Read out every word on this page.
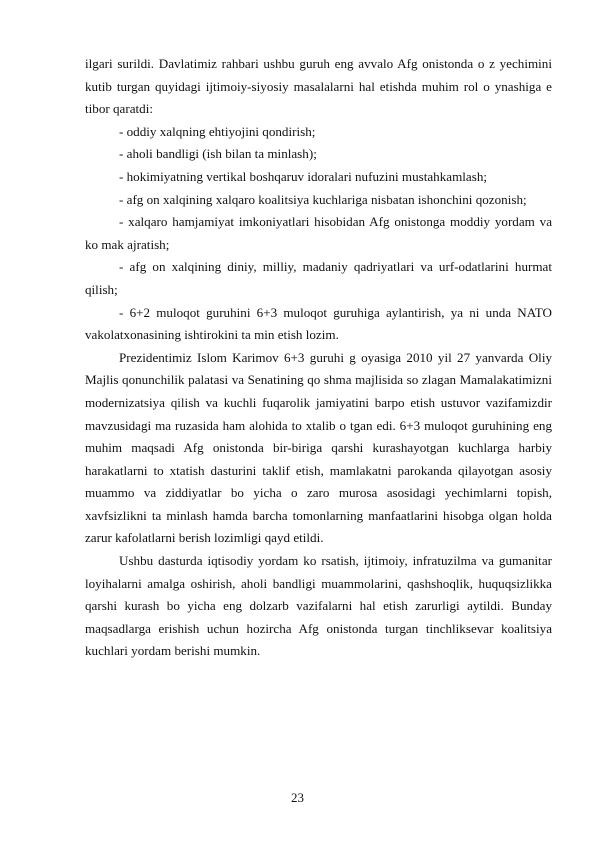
ilgari surildi. Davlatimiz rahbari ushbu guruh eng avvalo Afg onistonda o z yechimini kutib turgan quyidagi ijtimoiy-siyosiy masalalarni hal etishda muhim rol o ynashiga e tibor qaratdi:

- oddiy xalqning ehtiyojini qondirish;

- aholi bandligi (ish bilan ta minlash);

- hokimiyatning vertikal boshqaruv idoralari nufuzini mustahkamlash;

- afg on xalqining xalqaro koalitsiya kuchlariga nisbatan ishonchini qozonish;

- xalqaro hamjamiyat imkoniyatlari hisobidan Afg onistonga moddiy yordam va ko mak ajratish;

- afg on xalqining diniy, milliy, madaniy qadriyatlari va urf-odatlarini hurmat qilish;

- 6+2 muloqot guruhini 6+3 muloqot guruhiga aylantirish, ya ni unda NATO vakolatxonasining ishtirokini ta min etish lozim.

Prezidentimiz Islom Karimov 6+3 guruhi g oyasiga 2010 yil 27 yanvarda Oliy Majlis qonunchilik palatasi va Senatining qo shma majlisida so zlagan Mamalakatimizni modernizatsiya qilish va kuchli fuqarolik jamiyatini barpo etish ustuvor vazifamizdir mavzusidagi ma ruzasida ham alohida to xtalib o tgan edi. 6+3 muloqot guruhining eng muhim maqsadi Afg onistonda bir-biriga qarshi kurashayotgan kuchlarga harbiy harakatlarni to xtatish dasturini taklif etish, mamlakatni parokanda qilayotgan asosiy muammo va ziddiyatlar bo yicha o zaro murosa asosidagi yechimlarni topish, xavfsizlikni ta minlash hamda barcha tomonlarning manfaatlarini hisobga olgan holda zarur kafolatlarni berish lozimligi qayd etildi.

Ushbu dasturda iqtisodiy yordam ko rsatish, ijtimoiy, infratuzilma va gumanitar loyihalarni amalga oshirish, aholi bandligi muammolarini, qashshoqlik, huquqsizlikka qarshi kurash bo yicha eng dolzarb vazifalarni hal etish zarurligi aytildi. Bunday maqsadlarga erishish uchun hozircha Afg onistonda turgan tinchliksevar koalitsiya kuchlari yordam berishi mumkin.

23
